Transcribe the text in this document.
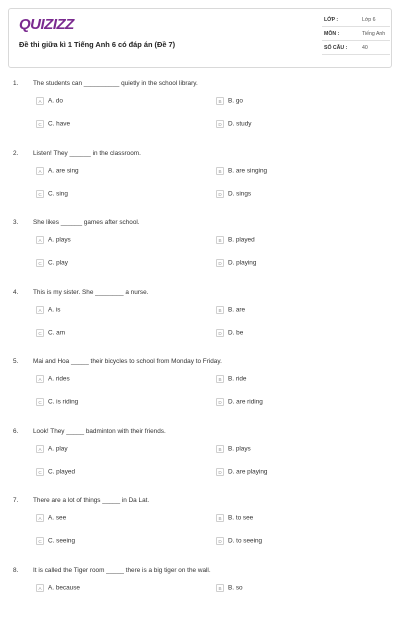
QUIZIZZ
Đề thi giữa kì 1 Tiếng Anh 6 có đáp án (Đề 7)
LỚP :	Lớp 6
MÔN :	Tiếng Anh
SỐ CÂU :	40
1. The students can __________ quietly in the school library.
A A. do	B B. go
C C. have	D D. study
2. Listen! They ______ in the classroom.
A A. are sing	B B. are singing
C C. sing	D D. sings
3. She likes ______ games after school.
A A. plays	B B. played
C C. play	D D. playing
4. This is my sister. She ________ a nurse.
A A. is	B B. are
C C. am	D D. be
5. Mai and Hoa _____ their bicycles to school from Monday to Friday.
A A. rides	B B. ride
C C. is riding	D D. are riding
6. Look! They _____ badminton with their friends.
A A. play	B B. plays
C C. played	D D. are playing
7. There are a lot of things _____ in Da Lat.
A A. see	B B. to see
C C. seeing	D D. to seeing
8. It is called the Tiger room _____ there is a big tiger on the wall.
A A. because	B B. so
